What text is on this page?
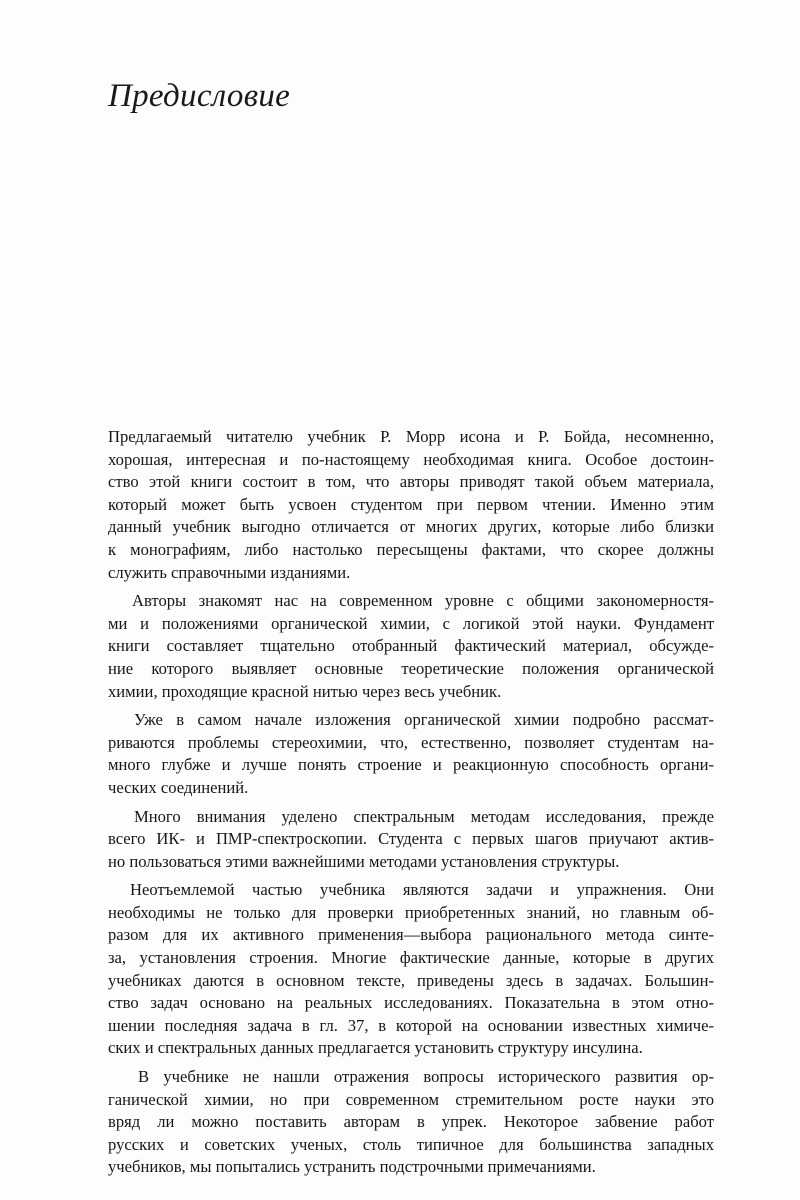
Предисловие
Предлагаемый читателю учебник Р. Морр исона и Р. Бойда, несомненно,
хорошая, интересная и по-настоящему необходимая книга. Особое достоин-
ство этой книги состоит в том, что авторы приводят такой объем материала,
который может быть усвоен студентом при первом чтении. Именно этим
данный учебник выгодно отличается от многих других, которые либо близки
к монографиям, либо настолько пересыщены фактами, что скорее должны
служить справочными изданиями.
Авторы знакомят нас на современном уровне с общими закономерностя-
ми и положениями органической химии, с логикой этой науки. Фундамент
книги составляет тщательно отобранный фактический материал, обсужде-
ние которого выявляет основные теоретические положения органической
химии, проходящие красной нитью через весь учебник.
Уже в самом начале изложения органической химии подробно рассмат-
риваются проблемы стереохимии, что, естественно, позволяет студентам на-
много глубже и лучше понять строение и реакционную способность органи-
ческих соединений.
Много внимания уделено спектральным методам исследования, прежде
всего ИК- и ПМР-спектроскопии. Студента с первых шагов приучают актив-
но пользоваться этими важнейшими методами установления структуры.
Неотъемлемой частью учебника являются задачи и упражнения. Они
необходимы не только для проверки приобретенных знаний, но главным об-
разом для их активного применения—выбора рационального метода синте-
за, установления строения. Многие фактические данные, которые в других
учебниках даются в основном тексте, приведены здесь в задачах. Большин-
ство задач основано на реальных исследованиях. Показательна в этом отно-
шении последняя задача в гл. 37, в которой на основании известных химиче-
ских и спектральных данных предлагается установить структуру инсулина.
В учебнике не нашли отражения вопросы исторического развития ор-
ганической химии, но при современном стремительном росте науки это
вряд ли можно поставить авторам в упрек. Некоторое забвение работ
русских и советских ученых, столь типичное для большинства западных
учебников, мы попытались устранить подстрочными примечаниями.
